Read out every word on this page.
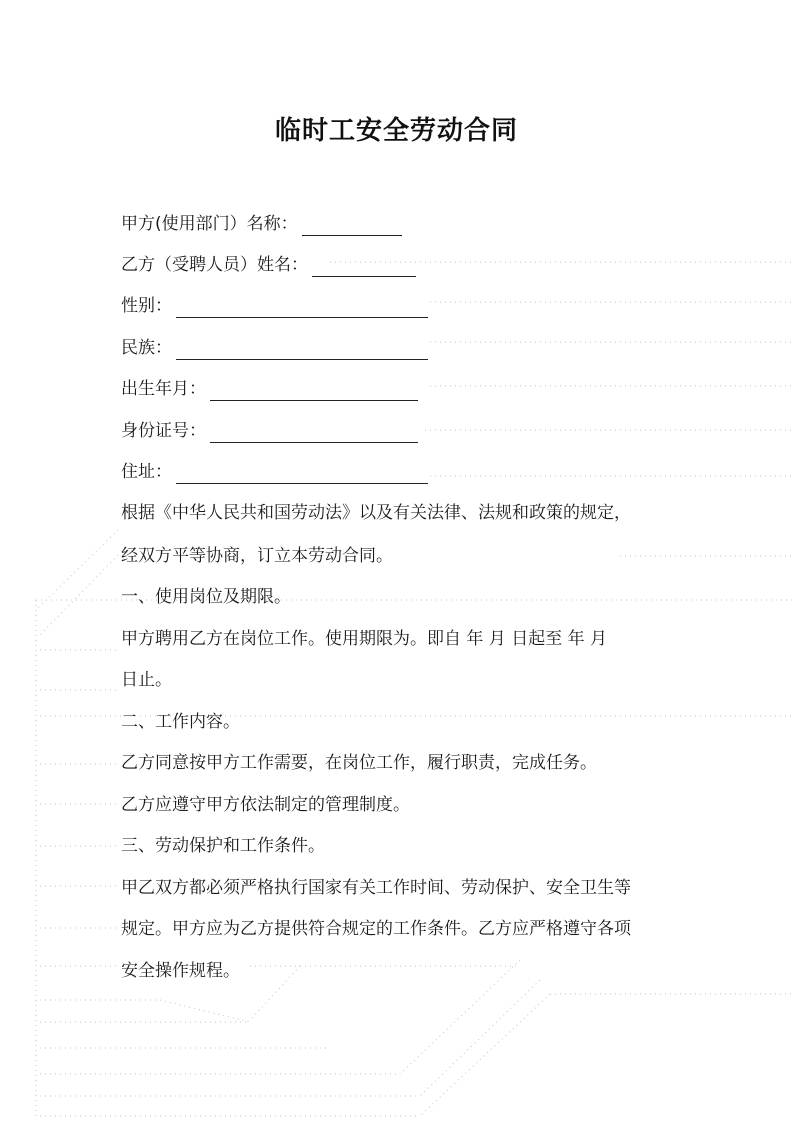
临时工安全劳动合同
甲方(使用部门）名称：
乙方（受聘人员）姓名：
性别：
民族：
出生年月：
身份证号：
住址：
根据《中华人民共和国劳动法》以及有关法律、法规和政策的规定，
经双方平等协商，订立本劳动合同。
一、使用岗位及期限。
甲方聘用乙方在岗位工作。使用期限为。即自 年 月 日起至 年 月
日止。
二、工作内容。
乙方同意按甲方工作需要，在岗位工作，履行职责，完成任务。
乙方应遵守甲方依法制定的管理制度。
三、劳动保护和工作条件。
甲乙双方都必须严格执行国家有关工作时间、劳动保护、安全卫生等
规定。甲方应为乙方提供符合规定的工作条件。乙方应严格遵守各项
安全操作规程。
